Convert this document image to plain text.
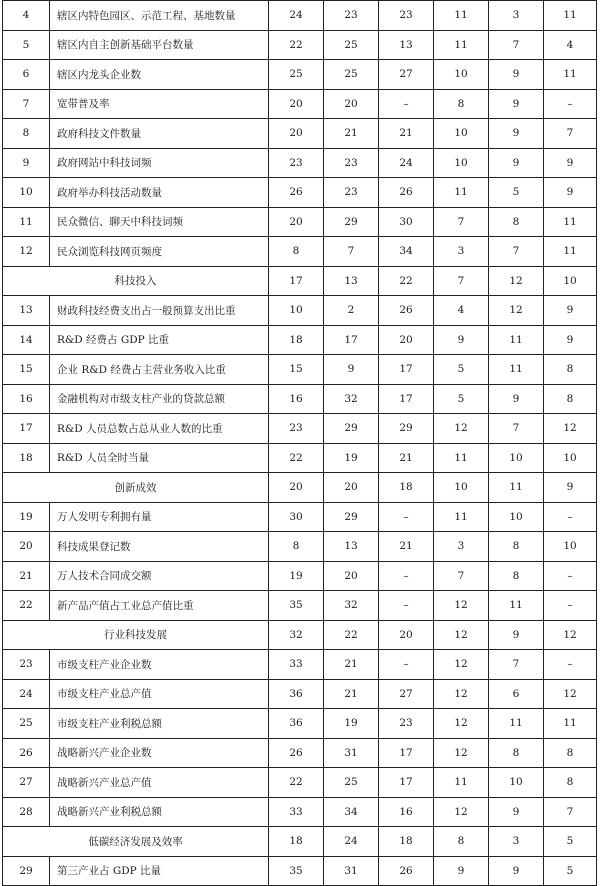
4	辖区内特色园区、示范工程、基地数量	24	23	23	11	3	11
5	辖区内自主创新基础平台数量	22	25	13	11	7	4
6	辖区内龙头企业数	25	25	27	10	9	11
7	宽带普及率	20	20	–	8	9	–
8	政府科技文件数量	20	21	21	10	9	7
9	政府网站中科技词频	23	23	24	10	9	9
10	政府举办科技活动数量	26	23	26	11	5	9
11	民众微信、聊天中科技词频	20	29	30	7	8	11
12	民众浏览科技网页频度	8	7	34	3	7	11
科技投入		17	13	22	7	12	10
13	财政科技经费支出占一般预算支出比重	10	2	26	4	12	9
14	R&D 经费占 GDP 比重	18	17	20	9	11	9
15	企业 R&D 经费占主营业务收入比重	15	9	17	5	11	8
16	金融机构对市级支柱产业的贷款总额	16	32	17	5	9	8
17	R&D 人员总数占总从业人数的比重	23	29	29	12	7	12
18	R&D 人员全时当量	22	19	21	11	10	10
创新成效		20	20	18	10	11	9
19	万人发明专利拥有量	30	29	–	11	10	–
20	科技成果登记数	8	13	21	3	8	10
21	万人技术合同成交额	19	20	–	7	8	–
22	新产品产值占工业总产值比重	35	32	–	12	11	–
行业科技发展		32	22	20	12	9	12
23	市级支柱产业企业数	33	21	–	12	7	–
24	市级支柱产业总产值	36	21	27	12	6	12
25	市级支柱产业利税总额	36	19	23	12	11	11
26	战略新兴产业企业数	26	31	17	12	8	8
27	战略新兴产业总产值	22	25	17	11	10	8
28	战略新兴产业利税总额	33	34	16	12	9	7
低碳经济发展及效率		18	24	18	8	3	5
29	第三产业占 GDP 比量	35	31	26	9	9	5
